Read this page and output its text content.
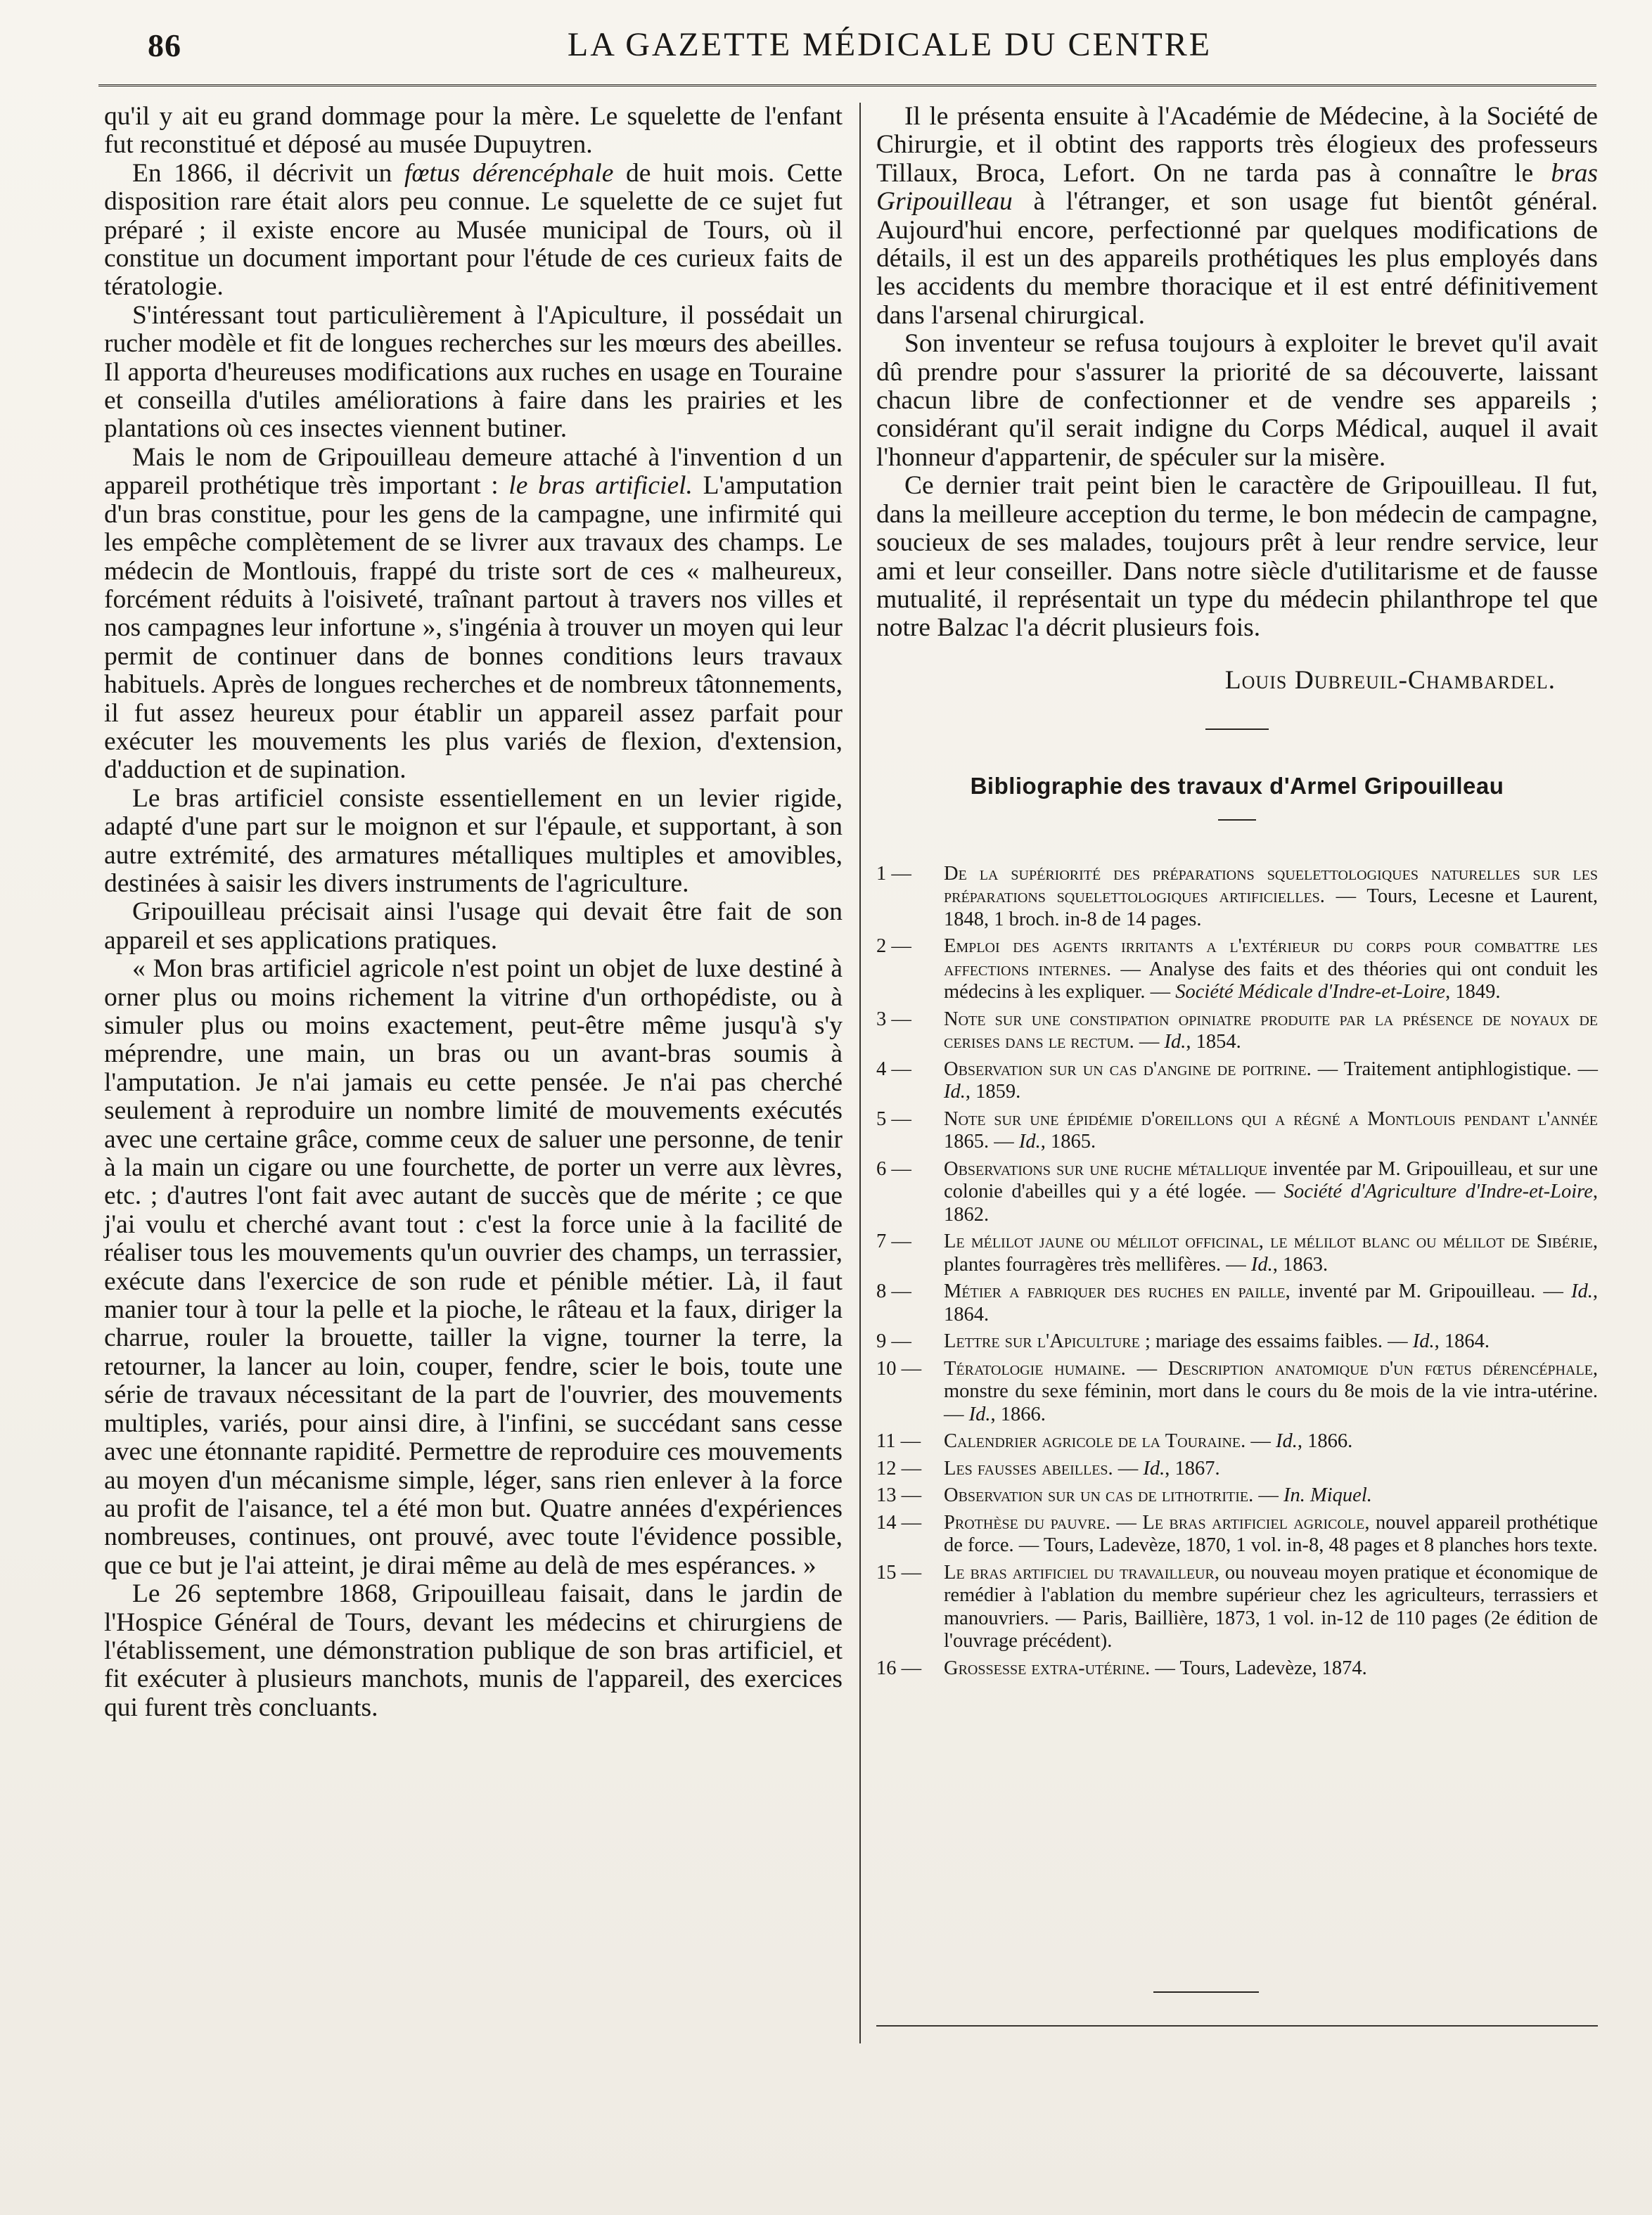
86	LA GAZETTE MÉDICALE DU CENTRE

qu'il y ait eu grand dommage pour la mère. Le squelette de l'enfant fut reconstitué et déposé au musée Dupuytren.

En 1866, il décrivit un fœtus dérencéphale de huit mois. Cette disposition rare était alors peu connue. Le squelette de ce sujet fut préparé ; il existe encore au Musée municipal de Tours, où il constitue un document important pour l'étude de ces curieux faits de tératologie.

S'intéressant tout particulièrement à l'Apiculture, il possédait un rucher modèle et fit de longues recherches sur les mœurs des abeilles. Il apporta d'heureuses modifications aux ruches en usage en Touraine et conseilla d'utiles améliorations à faire dans les prairies et les plantations où ces insectes viennent butiner.

Mais le nom de Gripouilleau demeure attaché à l'invention d un appareil prothétique très important : le bras artificiel. L'amputation d'un bras constitue, pour les gens de la campagne, une infirmité qui les empêche complètement de se livrer aux travaux des champs. Le médecin de Montlouis, frappé du triste sort de ces « malheureux, forcément réduits à l'oisiveté, traînant partout à travers nos villes et nos campagnes leur infortune », s'ingénia à trouver un moyen qui leur permit de continuer dans de bonnes conditions leurs travaux habituels. Après de longues recherches et de nombreux tâtonnements, il fut assez heureux pour établir un appareil assez parfait pour exécuter les mouvements les plus variés de flexion, d'extension, d'adduction et de supination.

Le bras artificiel consiste essentiellement en un levier rigide, adapté d'une part sur le moignon et sur l'épaule, et supportant, à son autre extrémité, des armatures métalliques multiples et amovibles, destinées à saisir les divers instruments de l'agriculture.

Gripouilleau précisait ainsi l'usage qui devait être fait de son appareil et ses applications pratiques.

« Mon bras artificiel agricole n'est point un objet de luxe destiné à orner plus ou moins richement la vitrine d'un orthopédiste, ou à simuler plus ou moins exactement, peut-être même jusqu'à s'y méprendre, une main, un bras ou un avant-bras soumis à l'amputation. Je n'ai jamais eu cette pensée. Je n'ai pas cherché seulement à reproduire un nombre limité de mouvements exécutés avec une certaine grâce, comme ceux de saluer une personne, de tenir à la main un cigare ou une fourchette, de porter un verre aux lèvres, etc. ; d'autres l'ont fait avec autant de succès que de mérite ; ce que j'ai voulu et cherché avant tout : c'est la force unie à la facilité de réaliser tous les mouvements qu'un ouvrier des champs, un terrassier, exécute dans l'exercice de son rude et pénible métier. Là, il faut manier tour à tour la pelle et la pioche, le râteau et la faux, diriger la charrue, rouler la brouette, tailler la vigne, tourner la terre, la retourner, la lancer au loin, couper, fendre, scier le bois, toute une série de travaux nécessitant de la part de l'ouvrier, des mouvements multiples, variés, pour ainsi dire, à l'infini, se succédant sans cesse avec une étonnante rapidité. Permettre de reproduire ces mouvements au moyen d'un mécanisme simple, léger, sans rien enlever à la force au profit de l'aisance, tel a été mon but. Quatre années d'expériences nombreuses, continues, ont prouvé, avec toute l'évidence possible, que ce but je l'ai atteint, je dirai même au delà de mes espérances. »

Le 26 septembre 1868, Gripouilleau faisait, dans le jardin de l'Hospice Général de Tours, devant les médecins et chirurgiens de l'établissement, une démonstration publique de son bras artificiel, et fit exécuter à plusieurs manchots, munis de l'appareil, des exercices qui furent très concluants.

Il le présenta ensuite à l'Académie de Médecine, à la Société de Chirurgie, et il obtint des rapports très élogieux des professeurs Tillaux, Broca, Lefort. On ne tarda pas à connaître le bras Gripouilleau à l'étranger, et son usage fut bientôt général. Aujourd'hui encore, perfectionné par quelques modifications de détails, il est un des appareils prothétiques les plus employés dans les accidents du membre thoracique et il est entré définitivement dans l'arsenal chirurgical.

Son inventeur se refusa toujours à exploiter le brevet qu'il avait dû prendre pour s'assurer la priorité de sa découverte, laissant chacun libre de confectionner et de vendre ses appareils ; considérant qu'il serait indigne du Corps Médical, auquel il avait l'honneur d'appartenir, de spéculer sur la misère.

Ce dernier trait peint bien le caractère de Gripouilleau. Il fut, dans la meilleure acception du terme, le bon médecin de campagne, soucieux de ses malades, toujours prêt à leur rendre service, leur ami et leur conseiller. Dans notre siècle d'utilitarisme et de fausse mutualité, il représentait un type du médecin philanthrope tel que notre Balzac l'a décrit plusieurs fois.

Louis Dubreuil-Chambardel.

Bibliographie des travaux d'Armel Gripouilleau
1 —	De la supériorité des préparations squelettologiques naturelles sur les préparations squelettologiques artificielles. — Tours, Lecesne et Laurent, 1848, 1 broch. in-8 de 14 pages.
2 —	Emploi des agents irritants a l'extérieur du corps pour combattre les affections internes. — Analyse des faits et des théories qui ont conduit les médecins à les expliquer. — Société Médicale d'Indre-et-Loire, 1849.
3 —	Note sur une constipation opiniatre produite par la présence de noyaux de cerises dans le rectum. — Id., 1854.
4 —	Observation sur un cas d'angine de poitrine. — Traitement antiphlogistique. — Id., 1859.
5 —	Note sur une épidémie d'oreillons qui a régné a Montlouis pendant l'année 1865. — Id., 1865.
6 —	Observations sur une ruche métallique inventée par M. Gripouilleau, et sur une colonie d'abeilles qui y a été logée. — Société d'Agriculture d'Indre-et-Loire, 1862.
7 —	Le mélilot jaune ou mélilot officinal, le mélilot blanc ou mélilot de Sibérie, plantes fourragères très mellifères. — Id., 1863.
8 —	Métier a fabriquer des ruches en paille, inventé par M. Gripouilleau. — Id., 1864.
9 —	Lettre sur l'Apiculture ; mariage des essaims faibles. — Id., 1864.
10 —	Tératologie humaine. — Description anatomique d'un fœtus dérencéphale, monstre du sexe féminin, mort dans le cours du 8e mois de la vie intra-utérine. — Id., 1866.
11 —	Calendrier agricole de la Touraine. — Id., 1866.
12 —	Les fausses abeilles. — Id., 1867.
13 —	Observation sur un cas de lithotritie. — In. Miquel.
14 —	Prothèse du pauvre. — Le bras artificiel agricole, nouvel appareil prothétique de force. — Tours, Ladevèze, 1870, 1 vol. in-8, 48 pages et 8 planches hors texte.
15 —	Le bras artificiel du travailleur, ou nouveau moyen pratique et économique de remédier à l'ablation du membre supérieur chez les agriculteurs, terrassiers et manouvriers. — Paris, Baillière, 1873, 1 vol. in-12 de 110 pages (2e édition de l'ouvrage précédent).
16 —	Grossesse extra-utérine. — Tours, Ladevèze, 1874.
